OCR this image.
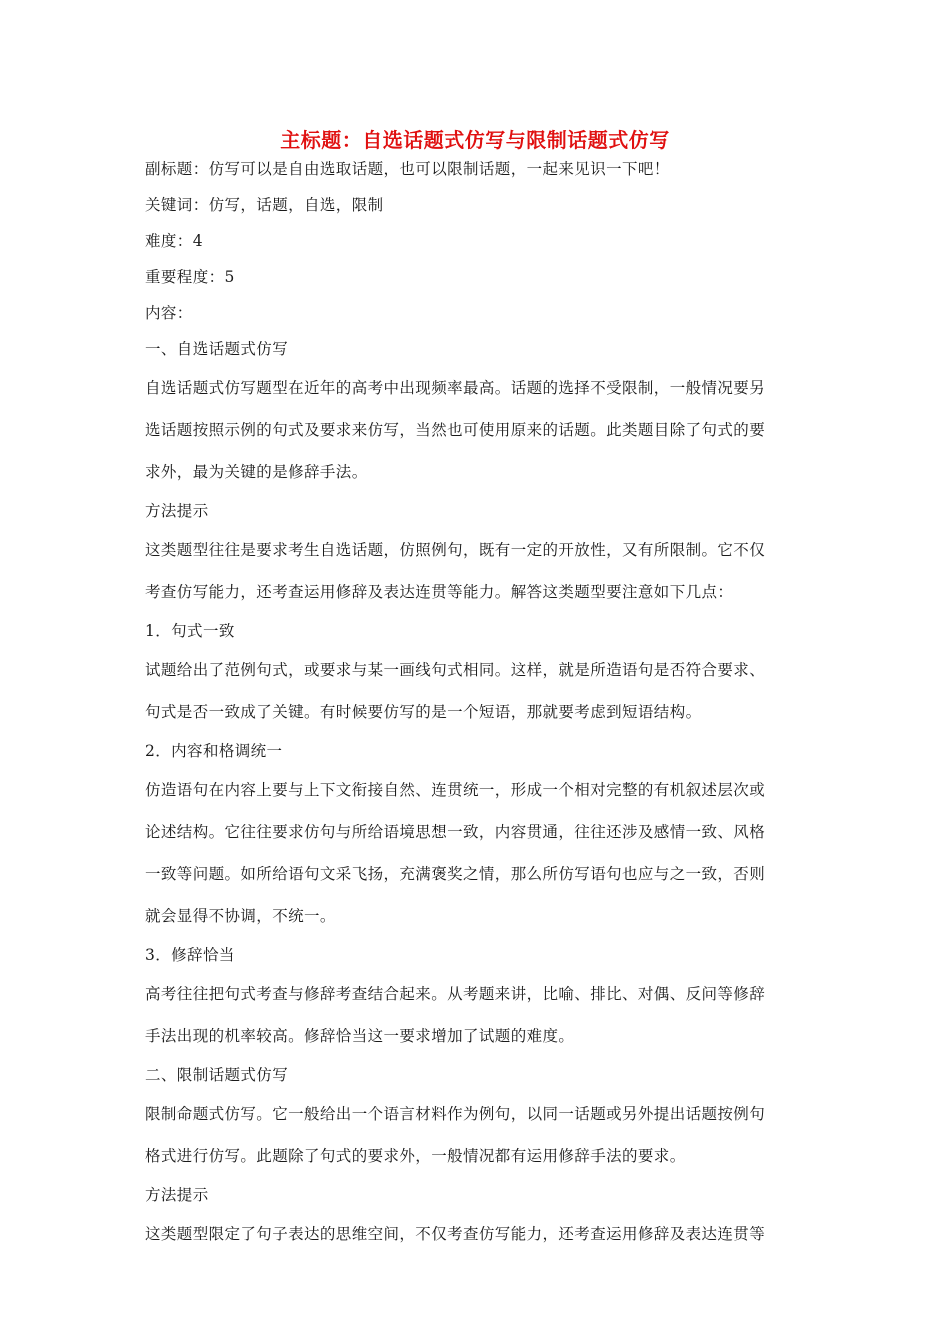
主标题：自选话题式仿写与限制话题式仿写
副标题：仿写可以是自由选取话题，也可以限制话题，一起来见识一下吧！
关键词：仿写，话题，自选，限制
难度：4
重要程度：5
内容：
一、自选话题式仿写
自选话题式仿写题型在近年的高考中出现频率最高。话题的选择不受限制，一般情况要另
选话题按照示例的句式及要求来仿写，当然也可使用原来的话题。此类题目除了句式的要
求外，最为关键的是修辞手法。
方法提示
这类题型往往是要求考生自选话题，仿照例句，既有一定的开放性，又有所限制。它不仅
考查仿写能力，还考查运用修辞及表达连贯等能力。解答这类题型要注意如下几点：
1．句式一致
试题给出了范例句式，或要求与某一画线句式相同。这样，就是所造语句是否符合要求、
句式是否一致成了关键。有时候要仿写的是一个短语，那就要考虑到短语结构。
2．内容和格调统一
仿造语句在内容上要与上下文衔接自然、连贯统一，形成一个相对完整的有机叙述层次或
论述结构。它往往要求仿句与所给语境思想一致，内容贯通，往往还涉及感情一致、风格
一致等问题。如所给语句文采飞扬，充满褒奖之情，那么所仿写语句也应与之一致，否则
就会显得不协调，不统一。
3．修辞恰当
高考往往把句式考查与修辞考查结合起来。从考题来讲，比喻、排比、对偶、反问等修辞
手法出现的机率较高。修辞恰当这一要求增加了试题的难度。
二、限制话题式仿写
限制命题式仿写。它一般给出一个语言材料作为例句，以同一话题或另外提出话题按例句
格式进行仿写。此题除了句式的要求外，一般情况都有运用修辞手法的要求。
方法提示
这类题型限定了句子表达的思维空间，不仅考查仿写能力，还考查运用修辞及表达连贯等
